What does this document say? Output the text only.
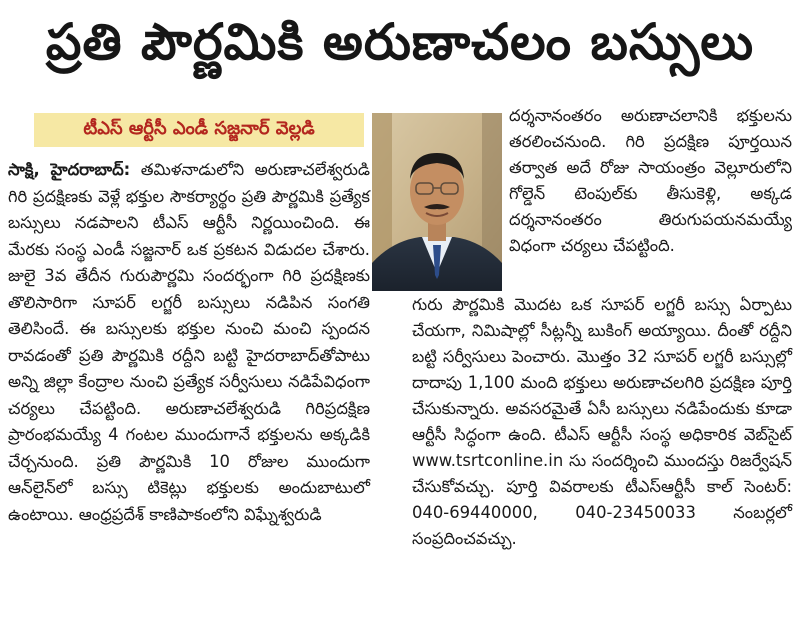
ప్రతి పౌర్ణమికి అరుణాచలం బస్సులు
టీఎస్ ఆర్టీసీ ఎండీ సజ్జనార్ వెల్లడి

సాక్షి, హైదరాబాద్: తమిళనాడులోని అరుణాచలేశ్వరుడి గిరి ప్రదక్షిణకు వెళ్లే భక్తుల సౌకర్యార్థం ప్రతి పౌర్ణమికి ప్రత్యేక బస్సులు నడపాలని టీఎస్ ఆర్టీసీ నిర్ణయించింది. ఈ మేరకు సంస్థ ఎండీ సజ్జనార్ ఒక ప్రకటన విడుదల చేశారు. జులై 3వ తేదీన గురుపౌర్ణమి సందర్భంగా గిరి ప్రదక్షిణకు తొలిసారిగా సూపర్ లగ్జరీ బస్సులు నడిపిన సంగతి తెలిసిందే. ఈ బస్సులకు భక్తుల నుంచి మంచి స్పందన రావడంతో ప్రతి పౌర్ణమికి రద్దీని బట్టి హైదరాబాద్‌తోపాటు అన్ని జిల్లా కేంద్రాల నుంచి ప్రత్యేక సర్వీసులు నడిపేవిధంగా చర్యలు చేపట్టింది. అరుణాచలేశ్వరుడి గిరిప్రదక్షిణ ప్రారంభమయ్యే 4 గంటల ముందుగానే భక్తులను అక్కడికి చేర్చనుంది. ప్రతి పౌర్ణమికి 10 రోజుల ముందుగా ఆన్‌లైన్‌లో బస్సు టికెట్లు భక్తులకు అందుబాటులో ఉంటాయి. ఆంధ్రప్రదేశ్ కాణిపాకంలోని విఘ్నేశ్వరుడి

దర్శనానంతరం అరుణాచలానికి భక్తులను తరలించనుంది. గిరి ప్రదక్షిణ పూర్తయిన తర్వాత అదే రోజు సాయంత్రం వెల్లూరులోని గోల్డెన్ టెంపుల్‌కు తీసుకెళ్లి, అక్కడ దర్శనానంతరం తిరుగుపయనమయ్యే విధంగా చర్యలు చేపట్టింది.

గురు పౌర్ణమికి మొదట ఒక సూపర్ లగ్జరీ బస్సు ఏర్పాటు చేయగా, నిమిషాల్లో సీట్లన్నీ బుకింగ్ అయ్యాయి. దీంతో రద్దీని బట్టి సర్వీసులు పెంచారు. మొత్తం 32 సూపర్ లగ్జరీ బస్సుల్లో దాదాపు 1,100 మంది భక్తులు అరుణాచలగిరి ప్రదక్షిణ పూర్తి చేసుకున్నారు. అవసరమైతే ఏసీ బస్సులు నడిపేందుకు కూడా ఆర్టీసీ సిద్ధంగా ఉంది. టీఎస్ ఆర్టీసీ సంస్థ అధికారిక వెబ్‌సైట్ www.tsrtconline.in సు సందర్శించి ముందస్తు రిజర్వేషన్ చేసుకోవచ్చు. పూర్తి వివరాలకు టీఎస్‌ఆర్టీసీ కాల్ సెంటర్: 040-69440000, 040-23450033 నంబర్లలో సంప్రదించవచ్చు.
